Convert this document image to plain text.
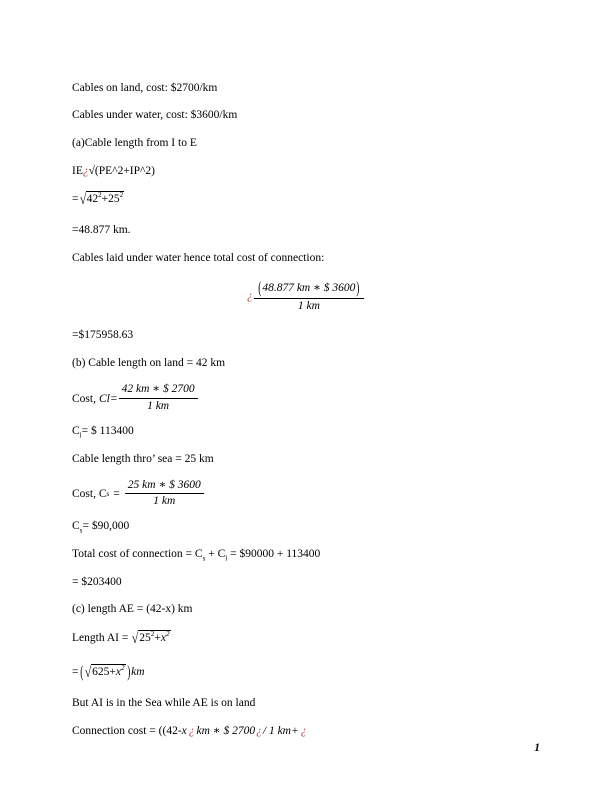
Cables on land, cost: $2700/km
Cables under water, cost: $3600/km
(a)Cable length from I to E
IE¿√(PE^2+IP^2)
$=√42^2+25^2$
=48.877 km.
Cables laid under water hence total cost of connection:
¿ $\frac{(48.877 km ∗ \$ 3600)}{1 km}$
=$175958.63
(b) Cable length on land = 42 km
Cost , $Cl = \frac{42 km ∗ \$ 2700}{1 km}$
$C_l=$ $ 113400
Cable length thro’ sea = 25 km
Cost, C $s = \frac{25 km ∗ \$ 3600}{1 km}$
$C_s=$ $90,000
Total cost of connection = $C_s + C_l$ = $90000 + 113400
= $203400
(c) length AE = (42-x) km
Length AI = $√25^2+x^2$
=( $√625+x^2$ )km
But AI is in the Sea while AE is on land
Connection cost = ((42-x ¿ km ∗ $ 2700¿/ 1 km+ ¿
1
